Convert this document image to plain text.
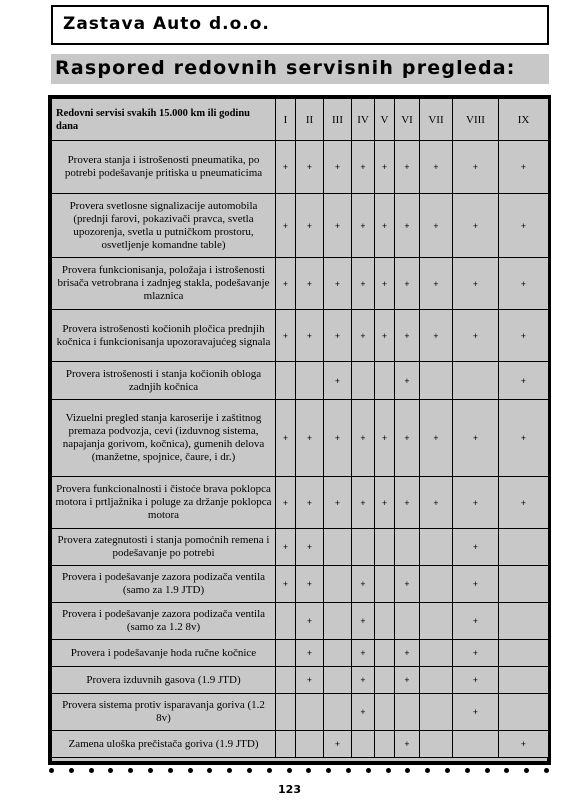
Zastava Auto d.o.o.
Raspored redovnih servisnih pregleda:
Redovni servisi svakih 15.000 km ili godinu dana	I	II	III	IV	V	VI	VII	VIII	IX
Provera stanja i istrošenosti pneumatika, po potrebi podešavanje pritiska u pneumaticima	+	+	+	+	+	+	+	+	+
Provera svetlosne signalizacije automobila (prednji farovi, pokazivači pravca, svetla upozorenja, svetla u putničkom prostoru, osvetljenje komandne table)	+	+	+	+	+	+	+	+	+
Provera funkcionisanja, položaja i istrošenosti brisača vetrobrana i zadnjeg stakla, podešavanje mlaznica	+	+	+	+	+	+	+	+	+
Provera istrošenosti kočionih pločica prednjih kočnica i funkcionisanja upozoravajućeg signala	+	+	+	+	+	+	+	+	+
Provera istrošenosti i stanja kočionih obloga zadnjih kočnica			+			+			+
Vizuelni pregled stanja karoserije i zaštitnog premaza podvozja, cevi (izduvnog sistema, napajanja gorivom, kočnica), gumenih delova (manžetne, spojnice, čaure, i dr.)	+	+	+	+	+	+	+	+	+
Provera funkcionalnosti i čistoće brava poklopca motora i prtljažnika i poluge za držanje poklopca motora	+	+	+	+	+	+	+	+	+
Provera zategnutosti i stanja pomoćnih remena i podešavanje po potrebi	+	+						+	
Provera i podešavanje zazora podizača ventila (samo za 1.9 JTD)	+	+		+		+		+	
Provera i podešavanje zazora podizača ventila (samo za 1.2 8v)		+		+				+	
Provera i podešavanje hoda ručne kočnice		+		+		+		+	
Provera izduvnih gasova (1.9 JTD)		+		+		+		+	
Provera sistema protiv isparavanja goriva (1.2 8v)				+				+	
Zamena uloška prečistača goriva (1.9 JTD)			+			+			+
123
